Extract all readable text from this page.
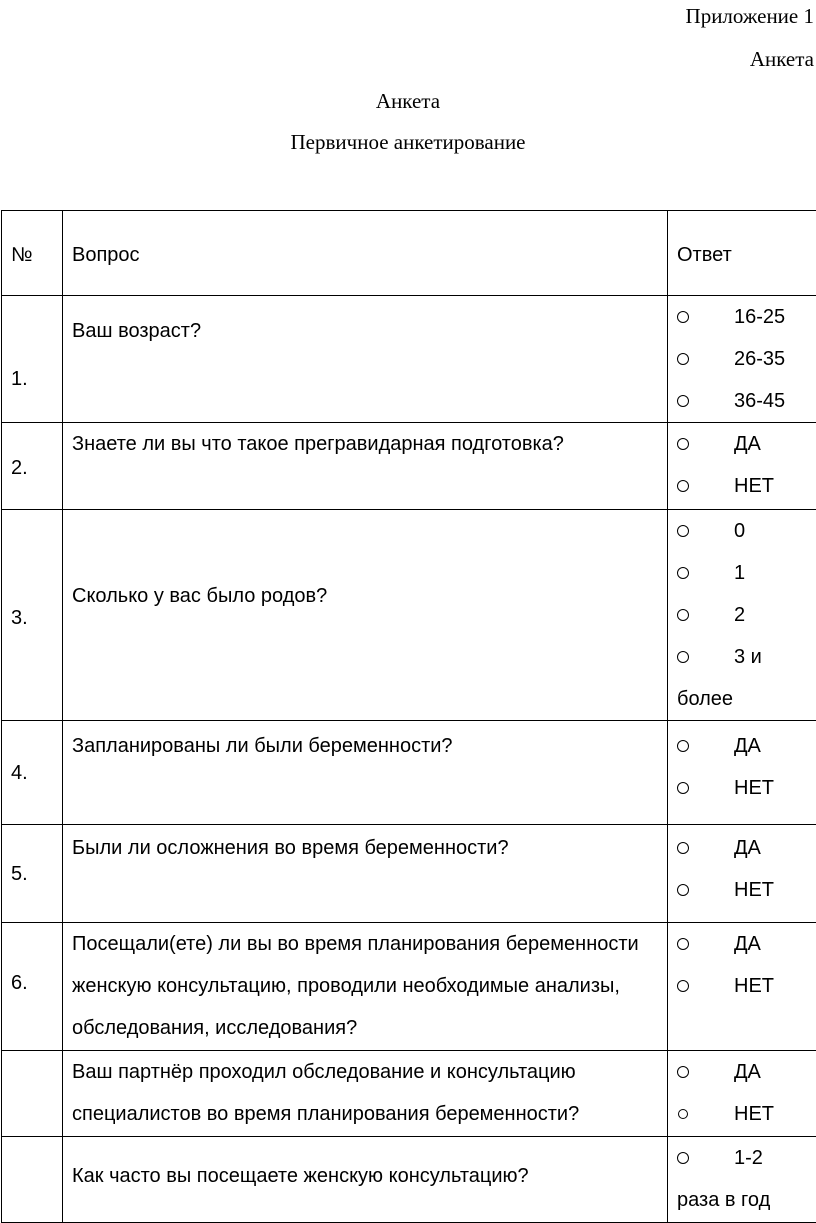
Приложение 1
Анкета
Анкета
Первичное анкетирование
№	Вопрос	Ответ
1.	Ваш возраст?	16-25
26-35
36-45

2.	Знаете ли вы что такое прегравидарная подготовка?	ДА
НЕТ

3.	Сколько у вас было родов?	0
1
2
3 и
более

4.	Запланированы ли были беременности?	ДА
НЕТ

5.	Были ли осложнения во время беременности?	ДА
НЕТ

6.	Посещали(ете) ли вы во время планирования беременности женскую консультацию, проводили необходимые анализы, обследования, исследования?	ДА
НЕТ

	Ваш партнёр проходил обследование и консультацию специалистов во время планирования беременности?	ДА
НЕТ

	Как часто вы посещаете женскую консультацию?	1-2
раза в год
